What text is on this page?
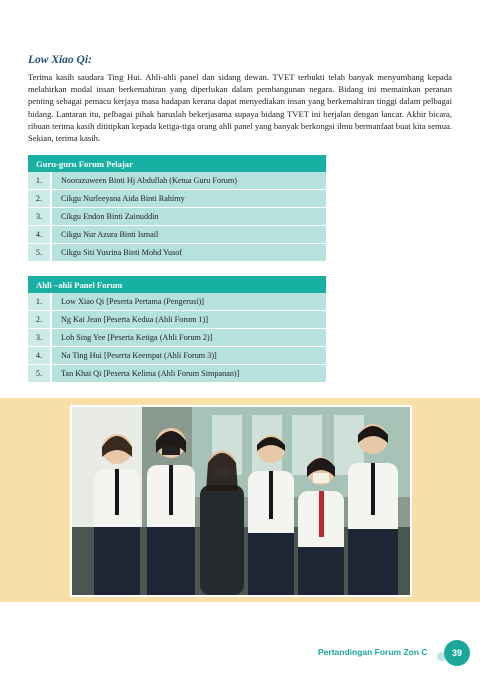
Low Xiao Qi:
Terima kasih saudara Ting Hui. Ahli-ahli panel dan sidang dewan. TVET terbukti telah banyak menyumbang kepada melahirkan modal insan berkemahiran yang diperlukan dalam pembangunan negara. Bidang ini memainkan peranan penting sebagai pemacu kerjaya masa hadapan kerana dapat menyediakan insan yang berkemahiran tinggi dalam pelbagai bidang. Lantaran itu, pelbagai pihak haruslah bekerjasama supaya bidang TVET ini berjalan dengan lancar. Akhir bicara, ribuan terima kasih dititipkan kepada ketiga-tiga orang ahli panel yang banyak berkongsi ilmu bermanfaat buat kita semua. Sekian, terima kasih.
Guru-guru Forum Pelajar	
1.	Noorazuween Binti Hj Abdullah (Ketua Guru Forum)
2.	Cikgu Nurleeyana Aida Binti Rahimy
3.	Cikgu Endon Binti Zainuddin
4.	Cikgu Nur Azura Binti Ismail
5.	Cikgu Siti Yusrina Binti Mohd Yusof
Ahli –ahli Panel Forum	
1.	Low Xiao Qi [Peserta Pertama (Pengerusi)]
2.	Ng Kai Jean [Peserta Kedua (Ahli Forum 1)]
3.	Loh Sing Yee [Peserta Ketiga (Ahli Forum 2)]
4.	Na Ting Hui [Peserta Keempat (Ahli Forum 3)]
5.	Tan Khai Qi [Peserta Kelima (Ahli Forum Simpanan)]
Pertandingan Forum Zon C	39
